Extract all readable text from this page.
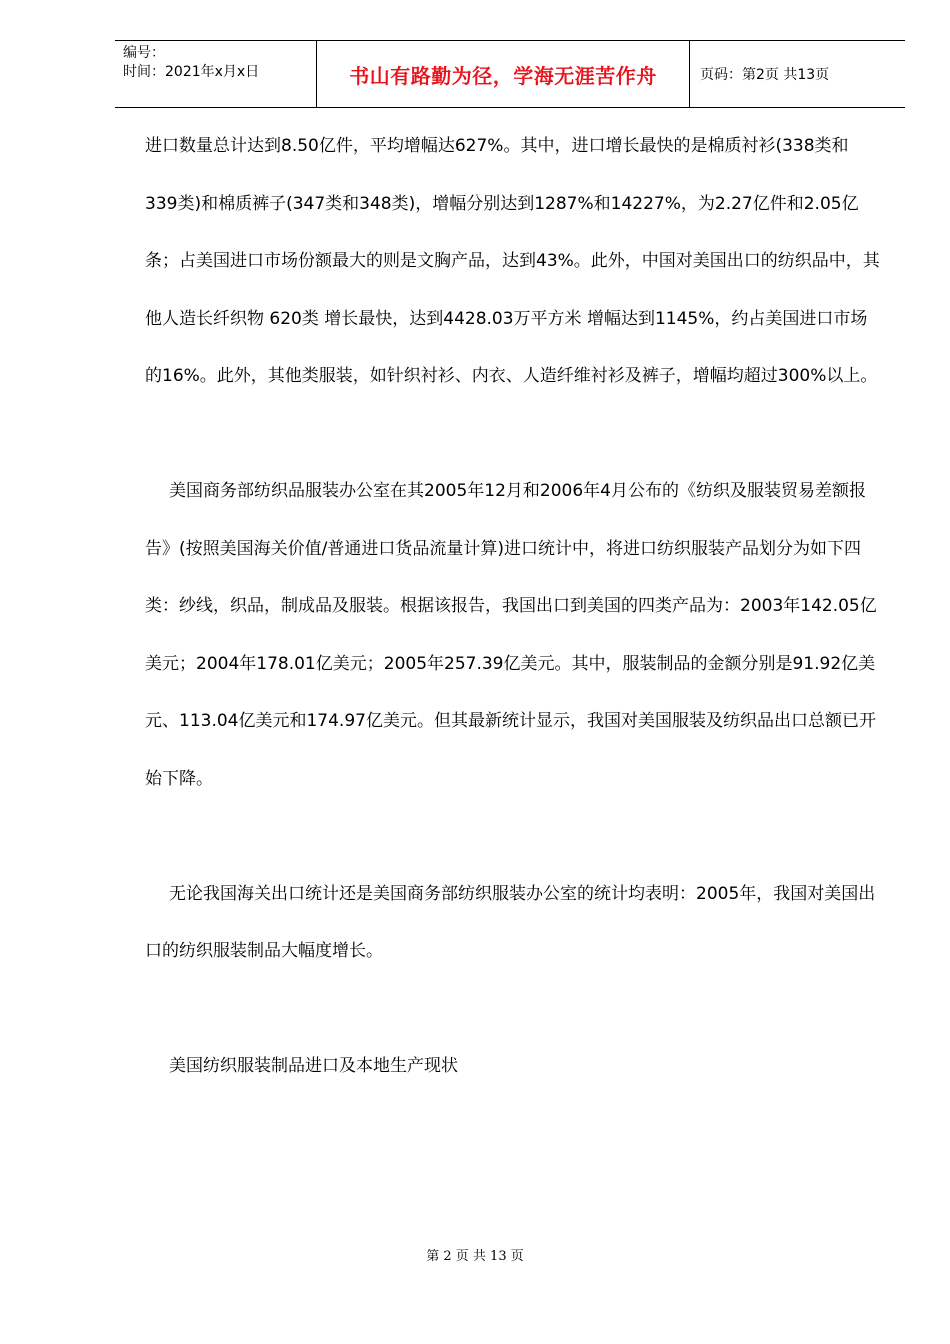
编号：
时间：2021年x月x日	书山有路勤为径，学海无涯苦作舟	页码：第2页 共13页

进口数量总计达到8.50亿件，平均增幅达627%。其中，进口增长最快的是棉质衬衫(338类和339类)和棉质裤子(347类和348类)，增幅分别达到1287%和14227%，为2.27亿件和2.05亿条；占美国进口市场份额最大的则是文胸产品，达到43%。此外，中国对美国出口的纺织品中，其他人造长纤织物 620类 增长最快，达到4428.03万平方米 增幅达到1145%，约占美国进口市场的16%。此外，其他类服装，如针织衬衫、内衣、人造纤维衬衫及裤子，增幅均超过300%以上。

美国商务部纺织品服装办公室在其2005年12月和2006年4月公布的《纺织及服装贸易差额报告》(按照美国海关价值/普通进口货品流量计算)进口统计中，将进口纺织服装产品划分为如下四类：纱线，织品，制成品及服装。根据该报告，我国出口到美国的四类产品为：2003年142.05亿美元；2004年178.01亿美元；2005年257.39亿美元。其中，服装制品的金额分别是91.92亿美元、113.04亿美元和174.97亿美元。但其最新统计显示，我国对美国服装及纺织品出口总额已开始下降。

无论我国海关出口统计还是美国商务部纺织服装办公室的统计均表明：2005年，我国对美国出口的纺织服装制品大幅度增长。

美国纺织服装制品进口及本地生产现状

第 2 页 共 13 页
